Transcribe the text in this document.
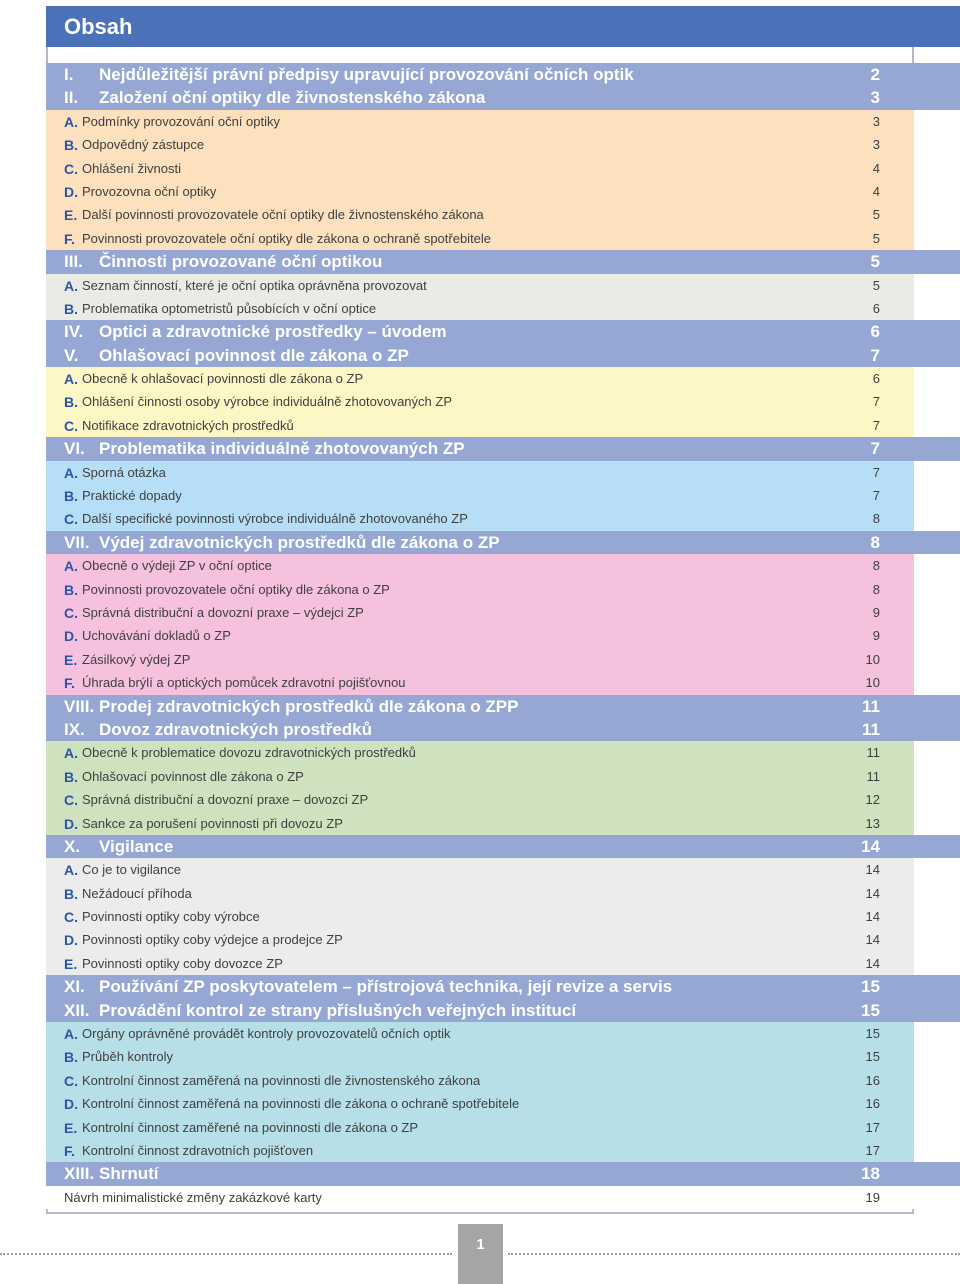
Obsah
I. Nejdůležitější právní předpisy upravující provozování očních optik	2
II. Založení oční optiky dle živnostenského zákona	3
A. Podmínky provozování oční optiky	3
B. Odpovědný zástupce	3
C. Ohlášení živnosti	4
D. Provozovna oční optiky	4
E. Další povinnosti provozovatele oční optiky dle živnostenského zákona	5
F. Povinnosti provozovatele oční optiky dle zákona o ochraně spotřebitele	5
III. Činnosti provozované oční optikou	5
A. Seznam činností, které je oční optika oprávněna provozovat	5
B. Problematika optometristů působících v oční optice	6
IV. Optici a zdravotnické prostředky – úvodem	6
V. Ohlašovací povinnost dle zákona o ZP	7
A. Obecně k ohlašovací povinnosti dle zákona o ZP	6
B. Ohlášení činnosti osoby výrobce individuálně zhotovovaných ZP	7
C. Notifikace zdravotnických prostředků	7
VI. Problematika individuálně zhotovovaných ZP	7
A. Sporná otázka	7
B. Praktické dopady	7
C. Další specifické povinnosti výrobce individuálně zhotovovaného ZP	8
VII. Výdej zdravotnických prostředků dle zákona o ZP	8
A. Obecně o výdeji ZP v oční optice	8
B. Povinnosti provozovatele oční optiky dle zákona o ZP	8
C. Správná distribuční a dovozní praxe – výdejci ZP	9
D. Uchovávání dokladů o ZP	9
E. Zásilkový výdej ZP	10
F. Úhrada brýlí a optických pomůcek zdravotní pojišťovnou	10
VIII. Prodej zdravotnických prostředků dle zákona o ZPP	11
IX. Dovoz zdravotnických prostředků	11
A. Obecně k problematice dovozu zdravotnických prostředků	11
B. Ohlašovací povinnost dle zákona o ZP	11
C. Správná distribuční a dovozní praxe – dovozci ZP	12
D. Sankce za porušení povinnosti při dovozu ZP	13
X. Vigilance	14
A. Co je to vigilance	14
B. Nežádoucí příhoda	14
C. Povinnosti optiky coby výrobce	14
D. Povinnosti optiky coby výdejce a prodejce ZP	14
E. Povinnosti optiky coby dovozce ZP	14
XI. Používání ZP poskytovatelem – přístrojová technika, její revize a servis	15
XII. Provádění kontrol ze strany příslušných veřejných institucí	15
A. Orgány oprávněné provádět kontroly provozovatelů očních optik	15
B. Průběh kontroly	15
C. Kontrolní činnost zaměřená na povinnosti dle živnostenského zákona	16
D. Kontrolní činnost zaměřená na povinnosti dle zákona o ochraně spotřebitele	16
E. Kontrolní činnost zaměřené na povinnosti dle zákona o ZP	17
F. Kontrolní činnost zdravotních pojišťoven	17
XIII. Shrnutí	18
Návrh minimalistické změny zakázkové karty	19
1
